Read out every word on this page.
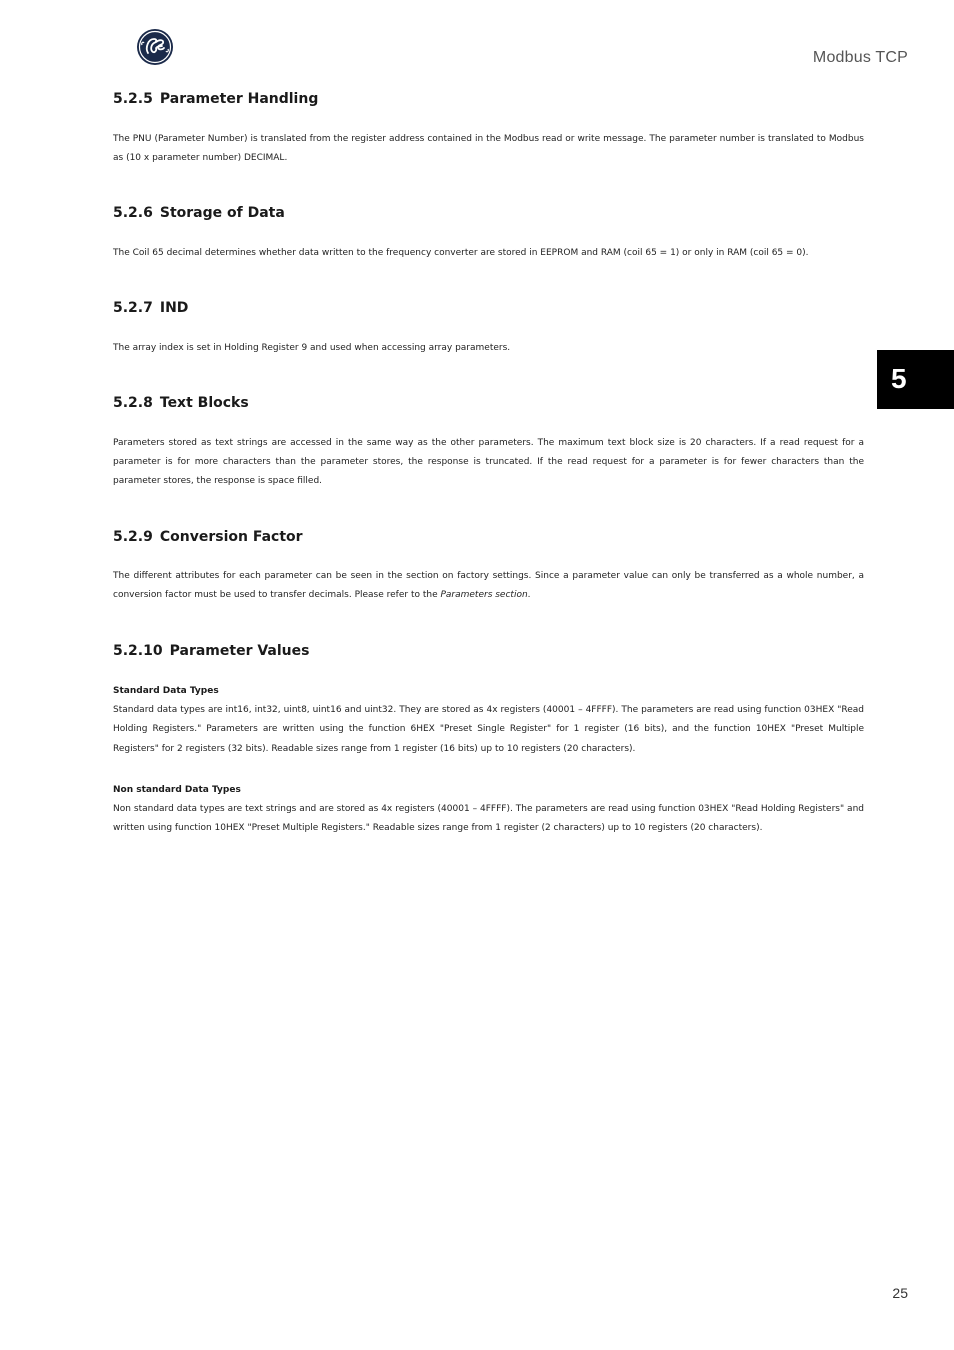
Modbus TCP
5
5.2.5 Parameter Handling

The PNU (Parameter Number) is translated from the register address contained in the Modbus read or write message. The parameter number is translated to Modbus as (10 x parameter number) DECIMAL.

5.2.6 Storage of Data

The Coil 65 decimal determines whether data written to the frequency converter are stored in EEPROM and RAM (coil 65 = 1) or only in RAM (coil 65 = 0).

5.2.7 IND

The array index is set in Holding Register 9 and used when accessing array parameters.

5.2.8 Text Blocks

Parameters stored as text strings are accessed in the same way as the other parameters. The maximum text block size is 20 characters. If a read request for a parameter is for more characters than the parameter stores, the response is truncated. If the read request for a parameter is for fewer characters than the parameter stores, the response is space filled.

5.2.9 Conversion Factor

The different attributes for each parameter can be seen in the section on factory settings. Since a parameter value can only be transferred as a whole number, a conversion factor must be used to transfer decimals. Please refer to the Parameters section.

5.2.10 Parameter Values
Standard Data Types

Standard data types are int16, int32, uint8, uint16 and uint32. They are stored as 4x registers (40001 – 4FFFF). The parameters are read using function 03HEX "Read Holding Registers." Parameters are written using the function 6HEX "Preset Single Register" for 1 register (16 bits), and the function 10HEX "Preset Multiple Registers" for 2 registers (32 bits). Readable sizes range from 1 register (16 bits) up to 10 registers (20 characters).

Non standard Data Types

Non standard data types are text strings and are stored as 4x registers (40001 – 4FFFF). The parameters are read using function 03HEX "Read Holding Registers" and written using function 10HEX "Preset Multiple Registers." Readable sizes range from 1 register (2 characters) up to 10 registers (20 characters).

25
